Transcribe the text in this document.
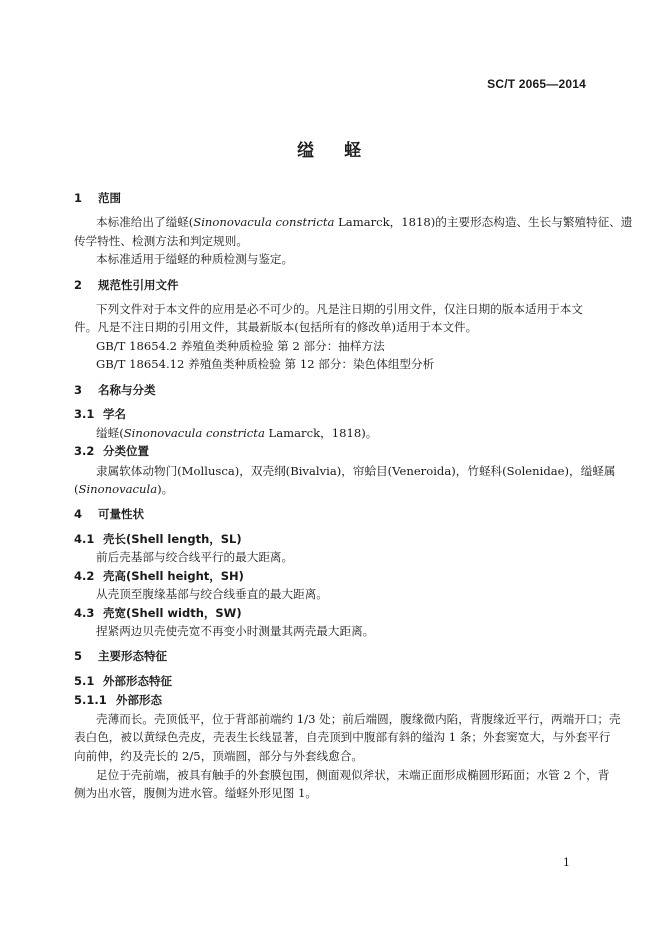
SC/T 2065—2014
缢蛏
1 范围
本标准给出了缢蛏(Sinonovacula constricta Lamarck，1818)的主要形态构造、生长与繁殖特征、遗
传学特性、检测方法和判定规则。
本标准适用于缢蛏的种质检测与鉴定。
2 规范性引用文件
下列文件对于本文件的应用是必不可少的。凡是注日期的引用文件，仅注日期的版本适用于本文
件。凡是不注日期的引用文件，其最新版本(包括所有的修改单)适用于本文件。
GB/T 18654.2 养殖鱼类种质检验 第 2 部分：抽样方法
GB/T 18654.12 养殖鱼类种质检验 第 12 部分：染色体组型分析
3 名称与分类
3.1 学名
缢蛏(Sinonovacula constricta Lamarck，1818)。
3.2 分类位置
隶属软体动物门(Mollusca)，双壳纲(Bivalvia)，帘蛤目(Veneroida)，竹蛏科(Solenidae)，缢蛏属
(Sinonovacula)。
4 可量性状
4.1 壳长(Shell length，SL)
前后壳基部与绞合线平行的最大距离。
4.2 壳高(Shell height，SH)
从壳顶至腹缘基部与绞合线垂直的最大距离。
4.3 壳宽(Shell width，SW)
捏紧两边贝壳使壳宽不再变小时测量其两壳最大距离。
5 主要形态特征
5.1 外部形态特征
5.1.1 外部形态
壳薄而长。壳顶低平，位于背部前端约 1/3 处；前后端圆，腹缘微内陷，背腹缘近平行，两端开口；壳
表白色，被以黄绿色壳皮，壳表生长线显著，自壳顶到中腹部有斜的缢沟 1 条；外套窦宽大，与外套平行
向前伸，约及壳长的 2/5，顶端圆，部分与外套线愈合。
足位于壳前端，被具有触手的外套膜包围，侧面观似斧状，末端正面形成椭圆形跖面；水管 2 个，背
侧为出水管，腹侧为进水管。缢蛏外形见图 1。
1
